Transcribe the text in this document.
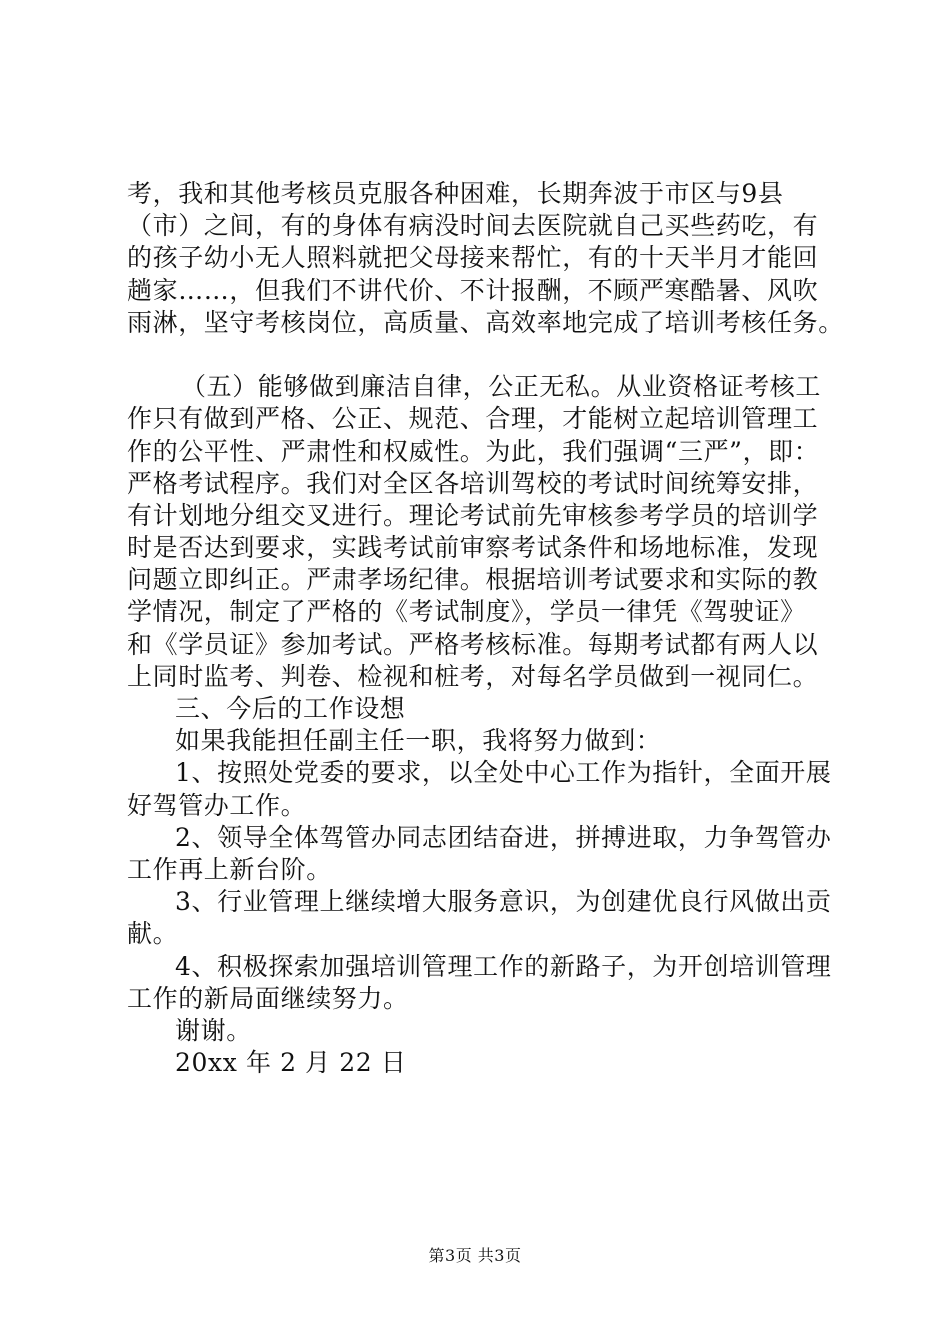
考，我和其他考核员克服各种困难，长期奔波于市区与9县
（市）之间，有的身体有病没时间去医院就自己买些药吃，有
的孩子幼小无人照料就把父母接来帮忙，有的十天半月才能回
趟家……，但我们不讲代价、不计报酬，不顾严寒酷暑、风吹
雨淋，坚守考核岗位，高质量、高效率地完成了培训考核任务。
（五）能够做到廉洁自律，公正无私。从业资格证考核工
作只有做到严格、公正、规范、合理，才能树立起培训管理工
作的公平性、严肃性和权威性。为此，我们强调“三严”，即：
严格考试程序。我们对全区各培训驾校的考试时间统筹安排，
有计划地分组交叉进行。理论考试前先审核参考学员的培训学
时是否达到要求，实践考试前审察考试条件和场地标准，发现
问题立即纠正。严肃孝场纪律。根据培训考试要求和实际的教
学情况，制定了严格的《考试制度》，学员一律凭《驾驶证》
和《学员证》参加考试。严格考核标准。每期考试都有两人以
上同时监考、判卷、检视和桩考，对每名学员做到一视同仁。
三、今后的工作设想
如果我能担任副主任一职，我将努力做到：
1、按照处党委的要求，以全处中心工作为指针，全面开展
好驾管办工作。
2、领导全体驾管办同志团结奋进，拼搏进取，力争驾管办
工作再上新台阶。
3、行业管理上继续增大服务意识，为创建优良行风做出贡
献。
4、积极探索加强培训管理工作的新路子，为开创培训管理
工作的新局面继续努力。
谢谢。
20xx 年 2 月 22 日
第3页 共3页
